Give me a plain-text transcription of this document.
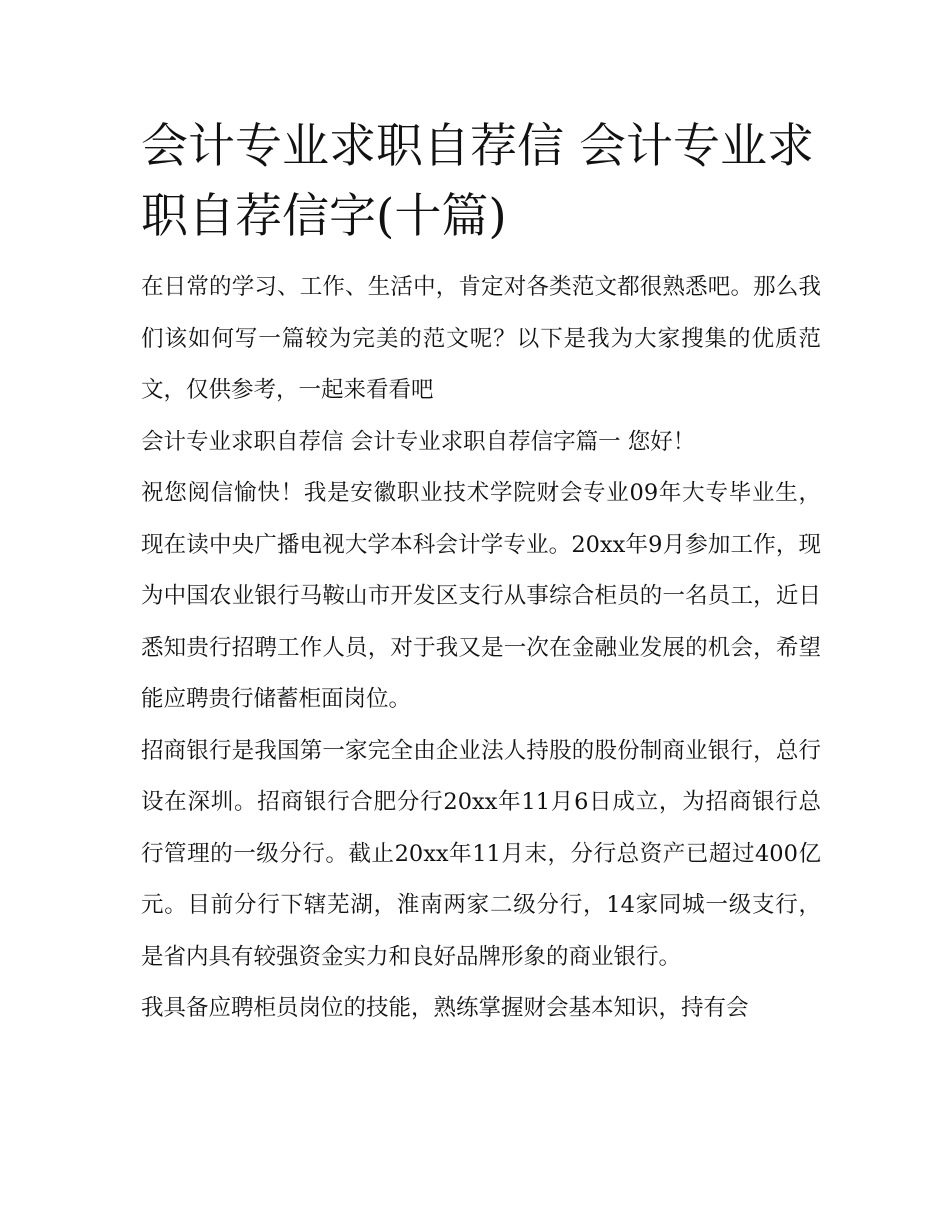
会计专业求职自荐信 会计专业求职自荐信字(十篇)

在日常的学习、工作、生活中，肯定对各类范文都很熟悉吧。那么我们该如何写一篇较为完美的范文呢？以下是我为大家搜集的优质范文，仅供参考，一起来看看吧

会计专业求职自荐信 会计专业求职自荐信字篇一 您好！

祝您阅信愉快！我是安徽职业技术学院财会专业09年大专毕业生，现在读中央广播电视大学本科会计学专业。20xx年9月参加工作，现为中国农业银行马鞍山市开发区支行从事综合柜员的一名员工，近日悉知贵行招聘工作人员，对于我又是一次在金融业发展的机会，希望能应聘贵行储蓄柜面岗位。

招商银行是我国第一家完全由企业法人持股的股份制商业银行，总行设在深圳。招商银行合肥分行20xx年11月6日成立，为招商银行总行管理的一级分行。截止20xx年11月末，分行总资产已超过400亿元。目前分行下辖芜湖，淮南两家二级分行，14家同城一级支行，是省内具有较强资金实力和良好品牌形象的商业银行。

我具备应聘柜员岗位的技能，熟练掌握财会基本知识，持有会
